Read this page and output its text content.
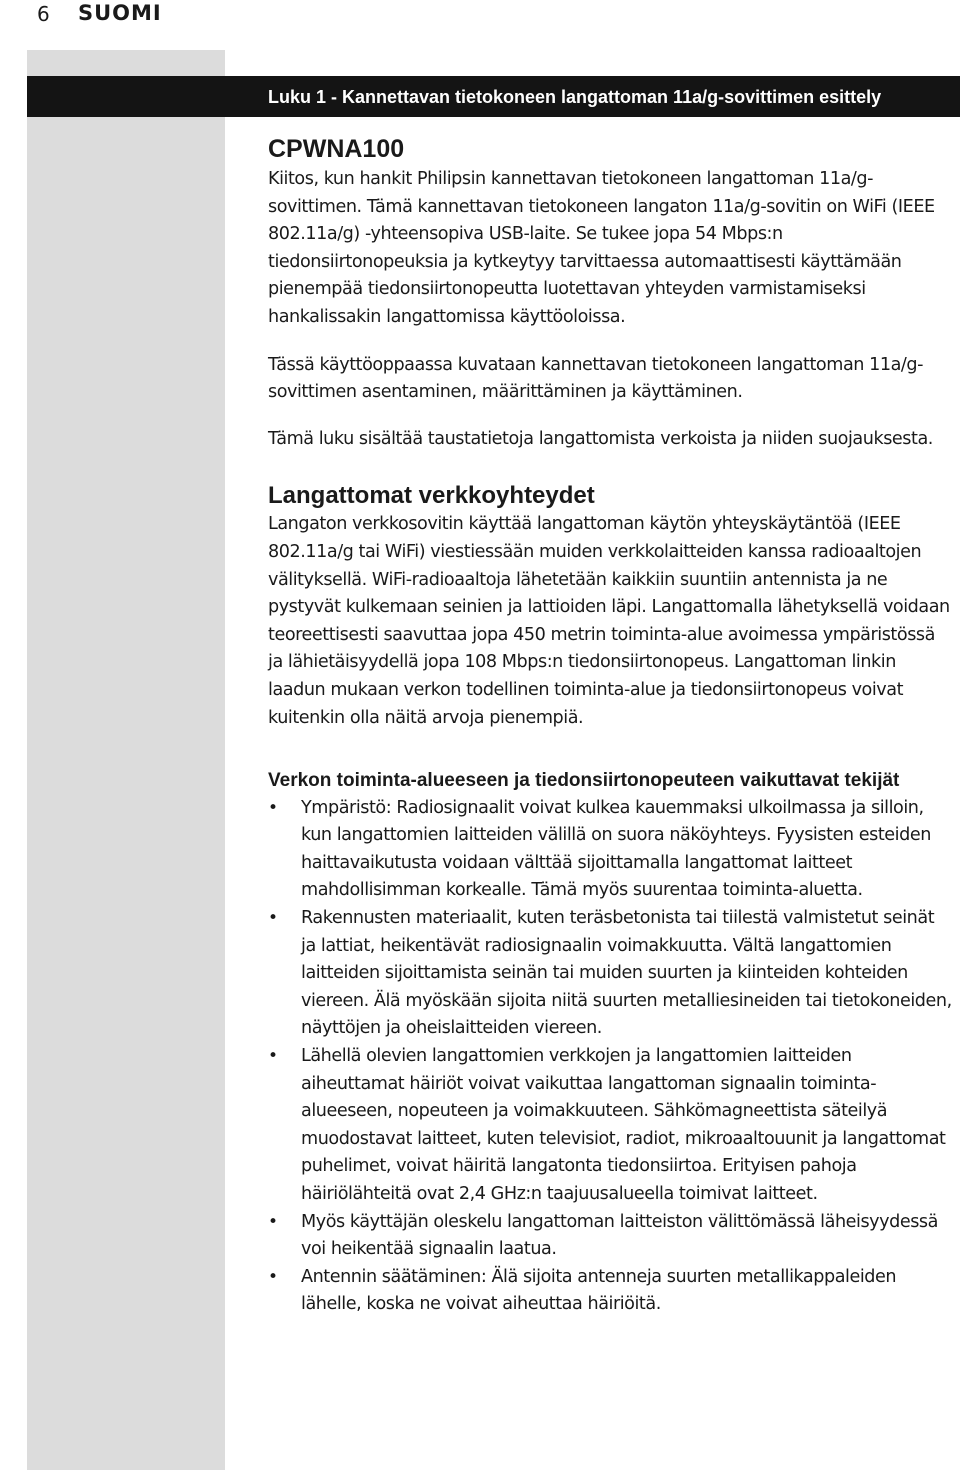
6 SUOMI
Luku 1 - Kannettavan tietokoneen langattoman 11a/g-sovittimen esittely
CPWNA100

Kiitos, kun hankit Philipsin kannettavan tietokoneen langattoman 11a/g-sovittimen. Tämä kannettavan tietokoneen langaton 11a/g-sovitin on WiFi (IEEE 802.11a/g) -yhteensopiva USB-laite. Se tukee jopa 54 Mbps:n tiedonsiirtonopeuksia ja kytkeytyy tarvittaessa automaattisesti käyttämään pienempää tiedonsiirtonopeutta luotettavan yhteyden varmistamiseksi hankalissakin langattomissa käyttöoloissa.

Tässä käyttöoppaassa kuvataan kannettavan tietokoneen langattoman 11a/g-sovittimen asentaminen, määrittäminen ja käyttäminen.

Tämä luku sisältää taustatietoja langattomista verkoista ja niiden suojauksesta.

Langattomat verkkoyhteydet

Langaton verkkosovitin käyttää langattoman käytön yhteyskäytäntöä (IEEE 802.11a/g tai WiFi) viestiessään muiden verkkolaitteiden kanssa radioaaltojen välityksellä. WiFi-radioaaltoja lähetetään kaikkiin suuntiin antennista ja ne pystyvät kulkemaan seinien ja lattioiden läpi. Langattomalla lähetyksellä voidaan teoreettisesti saavuttaa jopa 450 metrin toiminta-alue avoimessa ympäristössä ja lähietäisyydellä jopa 108 Mbps:n tiedonsiirtonopeus. Langattoman linkin laadun mukaan verkon todellinen toiminta-alue ja tiedonsiirtonopeus voivat kuitenkin olla näitä arvoja pienempiä.

Verkon toiminta-alueeseen ja tiedonsiirtonopeuteen vaikuttavat tekijät
• Ympäristö: Radiosignaalit voivat kulkea kauemmaksi ulkoilmassa ja silloin, kun langattomien laitteiden välillä on suora näköyhteys. Fyysisten esteiden haittavaikutusta voidaan välttää sijoittamalla langattomat laitteet mahdollisimman korkealle. Tämä myös suurentaa toiminta-aluetta.
• Rakennusten materiaalit, kuten teräsbetonista tai tiilestä valmistetut seinät ja lattiat, heikentävät radiosignaalin voimakkuutta. Vältä langattomien laitteiden sijoittamista seinän tai muiden suurten ja kiinteiden kohteiden viereen. Älä myöskään sijoita niitä suurten metalliesineiden tai tietokoneiden, näyttöjen ja oheislaitteiden viereen.
• Lähellä olevien langattomien verkkojen ja langattomien laitteiden aiheuttamat häiriöt voivat vaikuttaa langattoman signaalin toiminta-alueeseen, nopeuteen ja voimakkuuteen. Sähkömagneettista säteilyä muodostavat laitteet, kuten televisiot, radiot, mikroaaltouunit ja langattomat puhelimet, voivat häiritä langatonta tiedonsiirtoa. Erityisen pahoja häiriölähteitä ovat 2,4 GHz:n taajuusalueella toimivat laitteet.
• Myös käyttäjän oleskelu langattoman laitteiston välittömässä läheisyydessä voi heikentää signaalin laatua.
• Antennin säätäminen: Älä sijoita antenneja suurten metallikappaleiden lähelle, koska ne voivat aiheuttaa häiriöitä.
